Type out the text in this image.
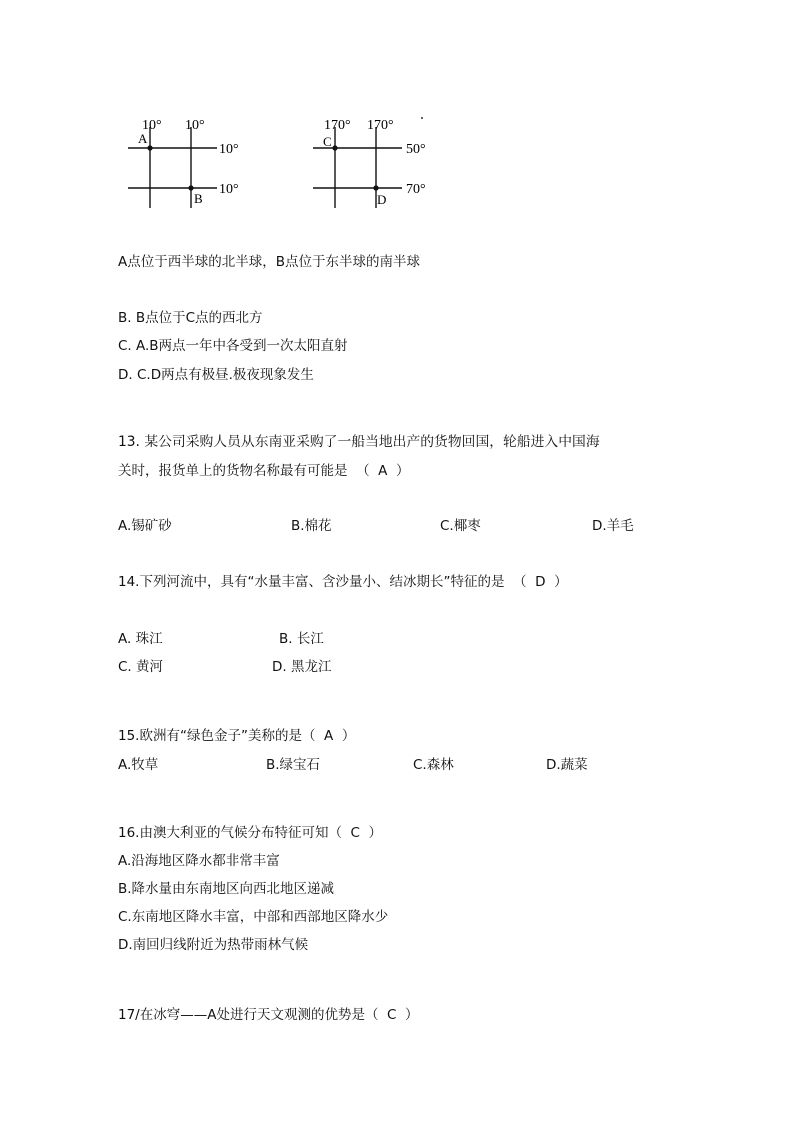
10° 10°
10°
10°
A
B
170° 170°
50°
70°
C
D
A点位于西半球的北半球，B点位于东半球的南半球
B. B点位于C点的西北方
C. A.B两点一年中各受到一次太阳直射
D. C.D两点有极昼.极夜现象发生
13. 某公司采购人员从东南亚采购了一船当地出产的货物回国，轮船进入中国海
关时，报货单上的货物名称最有可能是  （  A  ）
A.锡矿砂	B.棉花	C.椰枣	D.羊毛
14.下列河流中，具有“水量丰富、含沙量小、结冰期长”特征的是  （  D  ）
A. 珠江	B. 长江
C. 黄河	D. 黑龙江
15.欧洲有“绿色金子”美称的是（  A  ）
A.牧草	B.绿宝石	C.森林	D.蔬菜
16.由澳大利亚的气候分布特征可知（  C  ）
A.沿海地区降水都非常丰富
B.降水量由东南地区向西北地区递减
C.东南地区降水丰富，中部和西部地区降水少
D.南回归线附近为热带雨林气候
17/在冰穹——A处进行天文观测的优势是（  C  ）
